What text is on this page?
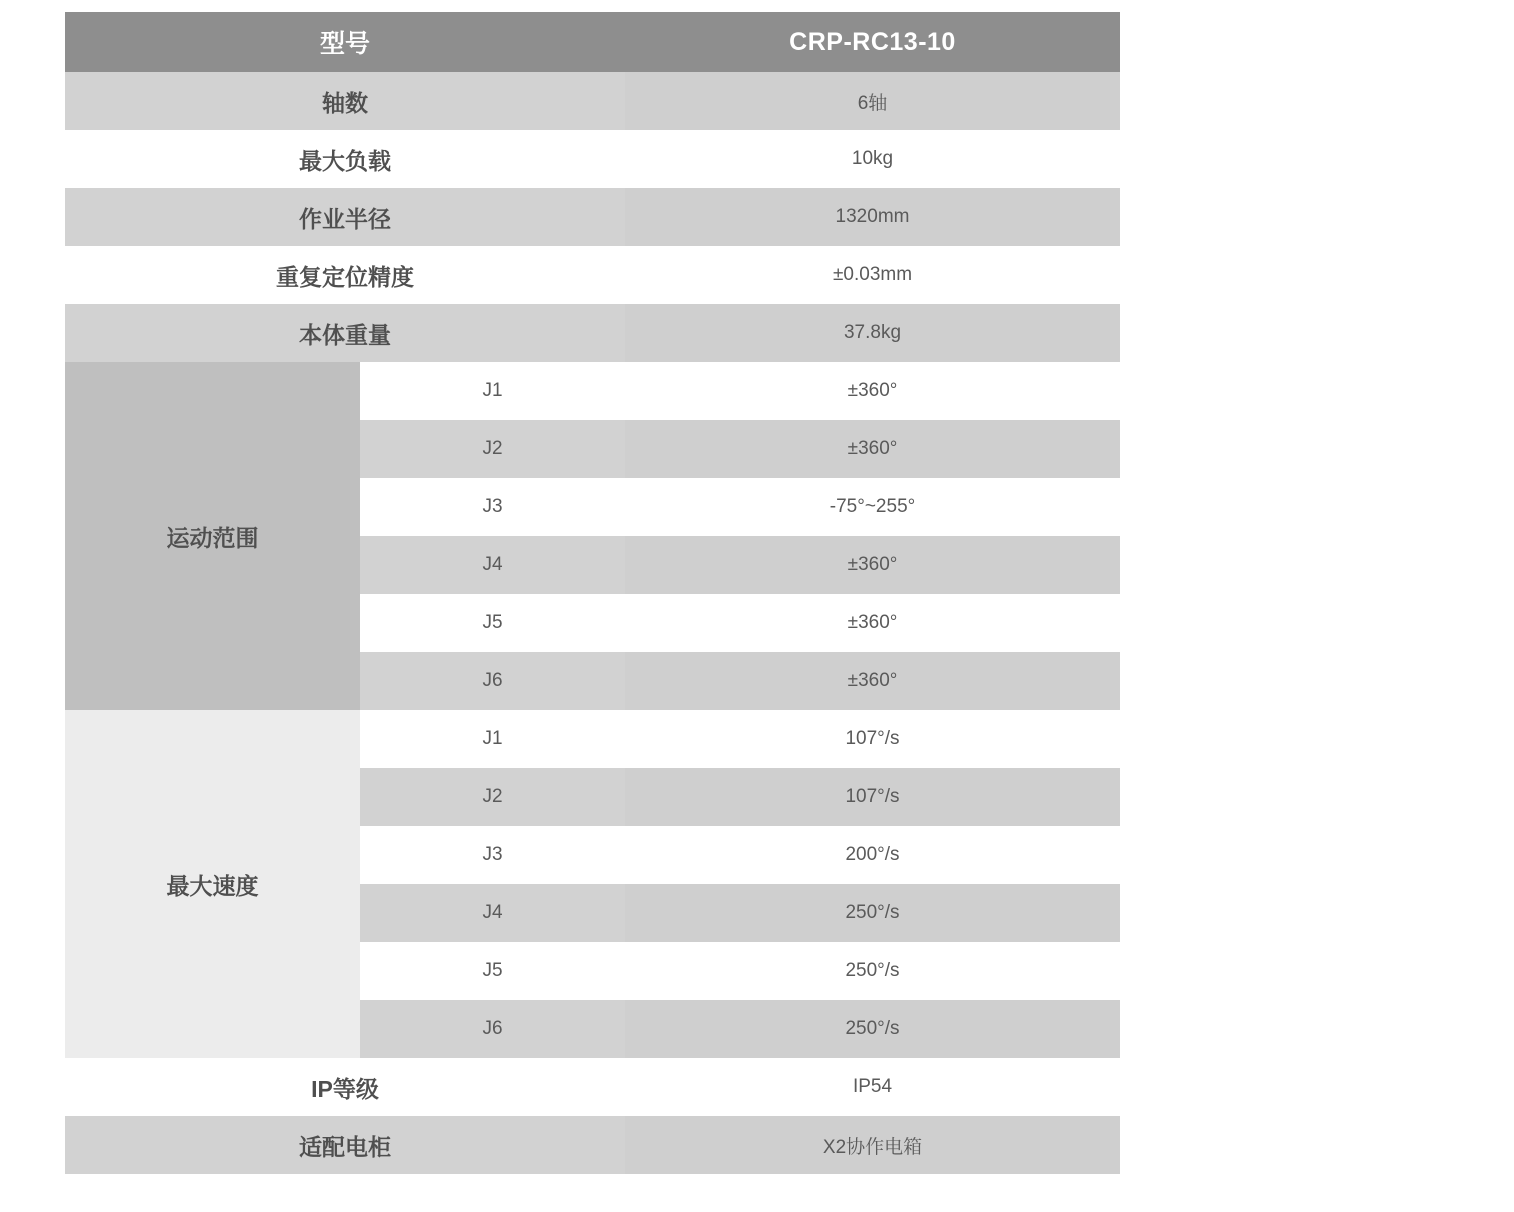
型号		CRP-RC13-10
轴数		6轴
最大负载		10kg
作业半径		1320mm
重复定位精度		±0.03mm
本体重量		37.8kg
运动范围	J1	±360°
	J2	±360°
	J3	-75°~255°
	J4	±360°
	J5	±360°
	J6	±360°
最大速度	J1	107°/s
	J2	107°/s
	J3	200°/s
	J4	250°/s
	J5	250°/s
	J6	250°/s
IP等级		IP54
适配电柜		X2协作电箱
